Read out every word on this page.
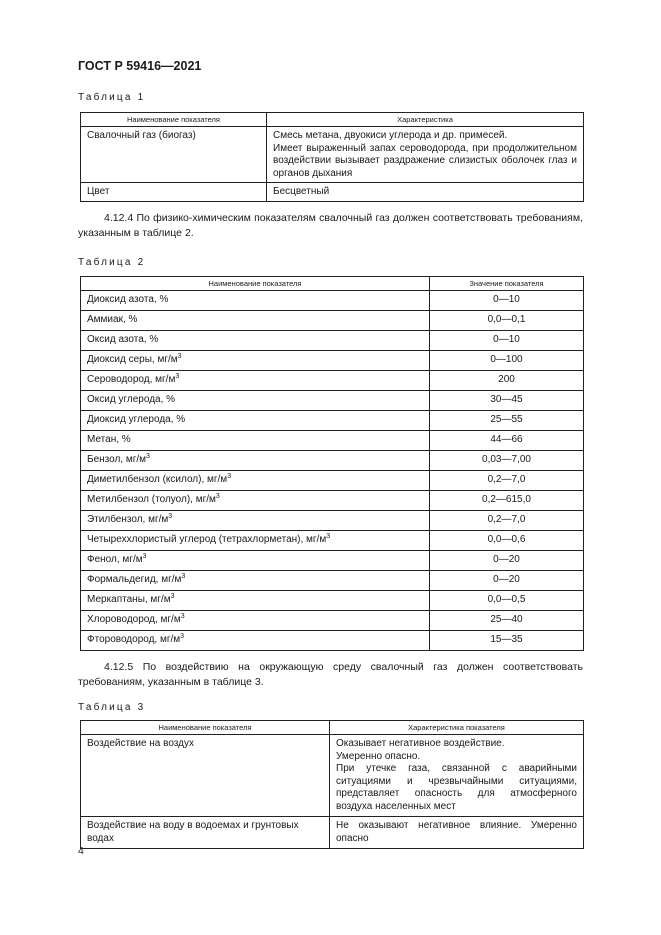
ГОСТ Р 59416—2021
Таблица 1
Наименование показателя	Характеристика
Свалочный газ (биогаз)	Смесь метана, двуокиси углерода и др. примесей.
Имеет выраженный запах сероводорода, при продолжительном воздействии вызывает раздражение слизистых оболочек глаз и органов дыхания

Цвет	Бесцветный
4.12.4 По физико-химическим показателям свалочный газ должен соответствовать требованиям, указанным в таблице 2.
Таблица 2
Наименование показателя	Значение показателя
Диоксид азота, %	0—10
Аммиак, %	0,0—0,1
Оксид азота, %	0—10
Диоксид серы, $мг/м^3$	0—100
Сероводород, $мг/м^3$	200
Оксид углерода, %	30—45
Диоксид углерода, %	25—55
Метан, %	44—66
Бензол, $мг/м^3$	0,03—7,00
Диметилбензол (ксилол), $мг/м^3$	0,2—7,0
Метилбензол (толуол), $мг/м^3$	0,2—615,0
Этилбензол, $мг/м^3$	0,2—7,0
Четыреххлористый углерод (тетрахлорметан), $мг/м^3$	0,0—0,6
Фенол, $мг/м^3$	0—20
Формальдегид, $мг/м^3$	0—20
Меркаптаны, $мг/м^3$	0,0—0,5
Хлороводород, $мг/м^3$	25—40
Фтороводород, $мг/м^3$	15—35
4.12.5 По воздействию на окружающую среду свалочный газ должен соответствовать требованиям, указанным в таблице 3.
Таблица 3
Наименование показателя	Характеристика показателя
Воздействие на воздух	Оказывает негативное воздействие.
Умеренно опасно.
При утечке газа, связанной с аварийными ситуациями и чрезвычайными ситуациями, представляет опасность для атмосферного воздуха населенных мест

Воздействие на воду в водоемах и грунтовых водах	Не оказывают негативное влияние. Умеренно опасно
4
